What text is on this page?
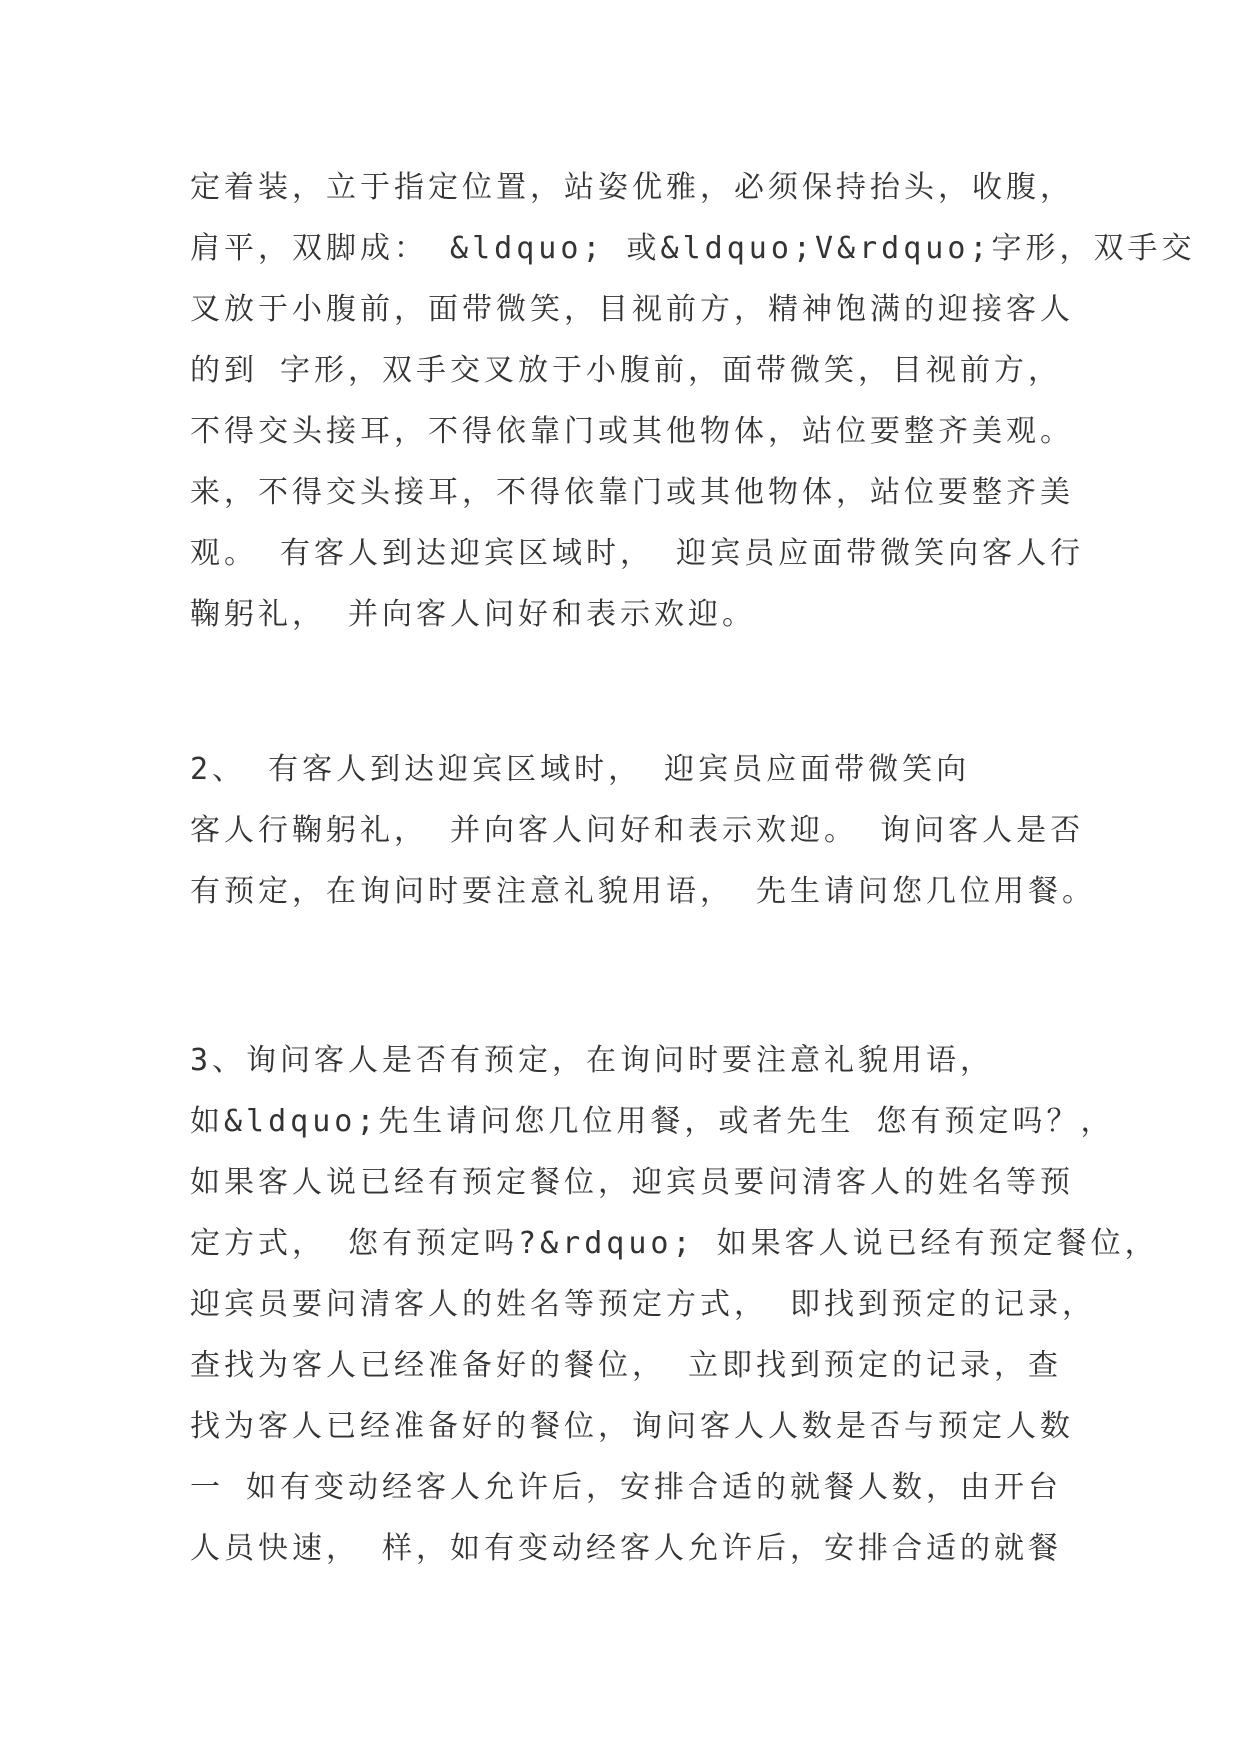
定着装，立于指定位置，站姿优雅，必须保持抬头，收腹，
肩平，双脚成： &ldquo; 或&ldquo;V&rdquo;字形，双手交
叉放于小腹前，面带微笑，目视前方，精神饱满的迎接客人
的到 字形，双手交叉放于小腹前，面带微笑，目视前方，
不得交头接耳，不得依靠门或其他物体，站位要整齐美观。
来，不得交头接耳，不得依靠门或其他物体，站位要整齐美
观。 有客人到达迎宾区域时， 迎宾员应面带微笑向客人行
鞠躬礼， 并向客人问好和表示欢迎。
2、 有客人到达迎宾区域时， 迎宾员应面带微笑向
客人行鞠躬礼， 并向客人问好和表示欢迎。 询问客人是否
有预定，在询问时要注意礼貌用语， 先生请问您几位用餐。
3、询问客人是否有预定，在询问时要注意礼貌用语，
如&ldquo;先生请问您几位用餐，或者先生 您有预定吗？，
如果客人说已经有预定餐位，迎宾员要问清客人的姓名等预
定方式， 您有预定吗?&rdquo; 如果客人说已经有预定餐位，
迎宾员要问清客人的姓名等预定方式， 即找到预定的记录，
查找为客人已经准备好的餐位， 立即找到预定的记录，查
找为客人已经准备好的餐位，询问客人人数是否与预定人数
一 如有变动经客人允许后，安排合适的就餐人数，由开台
人员快速， 样，如有变动经客人允许后，安排合适的就餐
